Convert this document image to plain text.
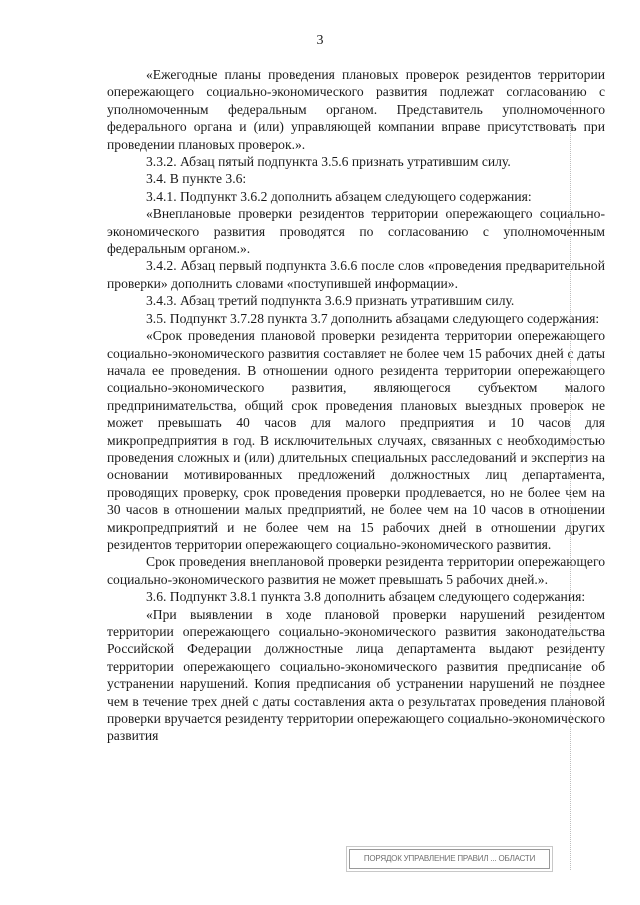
3

«Ежегодные планы проведения плановых проверок резидентов территории опережающего социально-экономического развития подлежат согласованию с уполномоченным федеральным органом. Представитель уполномоченного федерального органа и (или) управляющей компании вправе присутствовать при проведении плановых проверок.».

3.3.2. Абзац пятый подпункта 3.5.6 признать утратившим силу.

3.4. В пункте 3.6:

3.4.1. Подпункт 3.6.2 дополнить абзацем следующего содержания:

«Внеплановые проверки резидентов территории опережающего социально-экономического развития проводятся по согласованию с уполномоченным федеральным органом.».

3.4.2. Абзац первый подпункта 3.6.6 после слов «проведения предварительной проверки» дополнить словами «поступившей информации».

3.4.3. Абзац третий подпункта 3.6.9 признать утратившим силу.

3.5. Подпункт 3.7.28 пункта 3.7 дополнить абзацами следующего содержания:

«Срок проведения плановой проверки резидента территории опережающего социально-экономического развития составляет не более чем 15 рабочих дней с даты начала ее проведения. В отношении одного резидента территории опережающего социально-экономического развития, являющегося субъектом малого предпринимательства, общий срок проведения плановых выездных проверок не может превышать 40 часов для малого предприятия и 10 часов для микропредприятия в год. В исключительных случаях, связанных с необходимостью проведения сложных и (или) длительных специальных расследований и экспертиз на основании мотивированных предложений должностных лиц департамента, проводящих проверку, срок проведения проверки продлевается, но не более чем на 30 часов в отношении малых предприятий, не более чем на 10 часов в отношении микропредприятий и не более чем на 15 рабочих дней в отношении других резидентов территории опережающего социально-экономического развития.

Срок проведения внеплановой проверки резидента территории опережающего социально-экономического развития не может превышать 5 рабочих дней.».

3.6. Подпункт 3.8.1 пункта 3.8 дополнить абзацем следующего содержания:

«При выявлении в ходе плановой проверки нарушений резидентом территории опережающего социально-экономического развития законодательства Российской Федерации должностные лица департамента выдают резиденту территории опережающего социально-экономического развития предписание об устранении нарушений. Копия предписания об устранении нарушений не позднее чем в течение трех дней с даты составления акта о результатах проведения плановой проверки вручается резиденту территории опережающего социально-экономического развития

ПОРЯДОК УПРАВЛЕНИЕ ПРАВИЛ ... ОБЛАСТИ
